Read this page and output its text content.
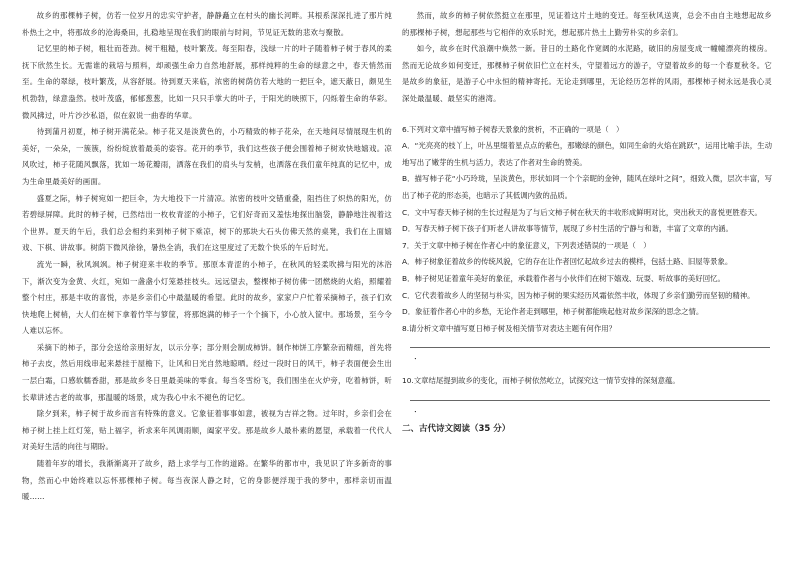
故乡的那棵柿子树，仿若一位岁月的忠实守护者，静静矗立在村头的幽长河畔。其根系深深扎进了那片纯朴热土之中，将那故乡的沧海桑田，扎稳地呈现在我们的眼前与时间，节见证无数的悲欢与聚散。

记忆里的柿子树，粗壮而苍劲。树干粗糙，枝叶繁茂。每至阳春，浅绿一片的叶子随着柿子树于春风的柔抚下欣然生长。无需谁的栽培与照料，却顽强生命力自然地舒展，那样纯粹的生命的绿意之中，春天悄然而至。生命的翠绿，枝叶繁茂，从容舒展。待到夏天来临，浓密的树荫仿若大地的一把巨伞，遮天蔽日，颇见生机勃勃，绿意盎然。枝叶茂盛，郁郁葱葱，比如一只只手掌大的叶子，于阳光的映照下，闪烁着生命的华彩。微风拂过，叶片沙沙私语，似在叙说一曲春的华章。

待到蒲月初夏，柿子树开满花朵。柿子花又是淡黄色的，小巧精致的柿子花朵，在天地间尽情展现生机的美好，一朵朵，一簇簇，纷纷绽放着最美的姿容。花开的季节，我们这些孩子便会围着柿子树欢快地嬉戏。凉风吹过，柿子花随风飘落，犹如一场花瓣雨，洒落在我们的肩头与发梢，也洒落在我们童年纯真的记忆中，成为生命里最美好的画面。

盛夏之际，柿子树宛如一把巨伞，为大地投下一片清凉。浓密的枝叶交错重叠，阻挡住了炽热的阳光，仿若碧绿屏障。此时的柿子树，已然结出一枚枚青涩的小柿子，它们好奇而又羞怯地探出脑袋，静静地注视着这个世界。夏天的午后，我们总会相约来到柿子树下乘凉，树下的那块大石头仿佛天然的桌凳，我们在上面嬉戏、下棋、讲故事。树荫下微风徐徐，暑热全消，我们在这里度过了无数个快乐的午后时光。

流光一瞬，秋风飒飒。柿子树迎来丰收的季节。那原本青涩的小柿子，在秋风的轻柔吹拂与阳光的沐浴下，渐次变为金黄、火红，宛如一盏盏小灯笼悬挂枝头。远远望去，整棵柿子树仿佛一团燃烧的火焰，照耀着整个村庄，那是丰收的喜悦，亦是乡亲们心中最温暖的希望。此时的故乡，家家户户忙着采摘柿子，孩子们欢快地爬上树梢，大人们在树下拿着竹竿与箩筐，将那饱满的柿子一个个摘下，小心放入筐中。那场景，至今令人难以忘怀。

采摘下的柿子，部分会送给亲朋好友，以示分享；部分则会制成柿饼。制作柿饼工序繁杂而精细，首先将柿子去皮，然后用线串起来悬挂于屋檐下，让风和日光自然地晾晒。经过一段时日的风干，柿子表面便会生出一层白霜，口感软糯香甜，那是故乡冬日里最美味的零食。每当冬雪纷飞，我们围坐在火炉旁，吃着柿饼，听长辈讲述古老的故事，那温暖的场景，成为我心中永不褪色的记忆。

除夕到来，柿子树于故乡而言有特殊的意义。它象征着事事如意，被视为吉祥之物。过年时，乡亲们会在柿子树上挂上红灯笼，贴上福字，祈求来年风调雨顺，阖家平安。那是故乡人最朴素的愿望，承载着一代代人对美好生活的向往与期盼。

随着年岁的增长，我渐渐离开了故乡，踏上求学与工作的道路。在繁华的都市中，我见识了许多新奇的事物，然而心中始终难以忘怀那棵柿子树。每当夜深人静之时，它的身影便浮现于我的梦中，那样亲切而温暖……

然而，故乡的柿子树依然挺立在那里，见证着这片土地的变迁。每至秋风送爽，总会不由自主地想起故乡的那棵柿子树，想起那些与它相伴的欢乐时光，想起那片热土上勤劳朴实的乡亲们。

如今，故乡在时代浪潮中焕然一新。昔日的土路化作宽阔的水泥路，破旧的房屋变成一幢幢漂亮的楼房。然而无论故乡如何变迁，那棵柿子树依旧伫立在村头，守望着远方的游子，守望着故乡的每一个春夏秋冬。它是故乡的象征，是游子心中永恒的精神寄托。无论走到哪里，无论经历怎样的风雨，那棵柿子树永远是我心灵深处最温暖、最坚实的港湾。

6.下列对文章中描写柿子树春天景象的赏析，不正确的一项是（　）

A．“光亮亮的枝丫上，叶丛里缀着星点点的紫色，那嫩绿的颜色，如同生命的火焰在跳跃”，运用比喻手法，生动地写出了嫩芽的生机与活力，表达了作者对生命的赞美。

B．描写柿子花“小巧玲珑，呈淡黄色，形状如同一个个亲昵的金钟，随风在绿叶之间”，细致入微，层次丰富，写出了柿子花的形态美，也暗示了其低调内敛的品质。

C．文中写春天柿子树的生长过程是为了与后文柿子树在秋天的丰收形成鲜明对比，突出秋天的喜悦更胜春天。

D．写春天柿子树下孩子们听老人讲故事等情节，展现了乡村生活的宁静与和谐，丰富了文章的内涵。

7．关于文章中柿子树在作者心中的象征意义，下列表述错误的一项是（　）

A．柿子树象征着故乡的传统风貌，它的存在让作者回忆起故乡过去的模样，包括土路、旧屋等景象。

B．柿子树见证着童年美好的象征，承载着作者与小伙伴们在树下嬉戏、玩耍、听故事的美好回忆。

C．它代表着故乡人的坚韧与朴实，因为柿子树的果实经历风霜依然丰收，体现了乡亲们勤劳而坚韧的精神。

D．象征着作者心中的乡愁，无论作者走到哪里，柿子树都能唤起他对故乡深深的思念之情。

8.请分析文章中描写夏日柿子树及相关情节对表达主题有何作用？

．

10.文章结尾提到故乡的变化，而柿子树依然屹立，试探究这一情节安排的深刻意蕴。

．
二、古代诗文阅读（35 分）
